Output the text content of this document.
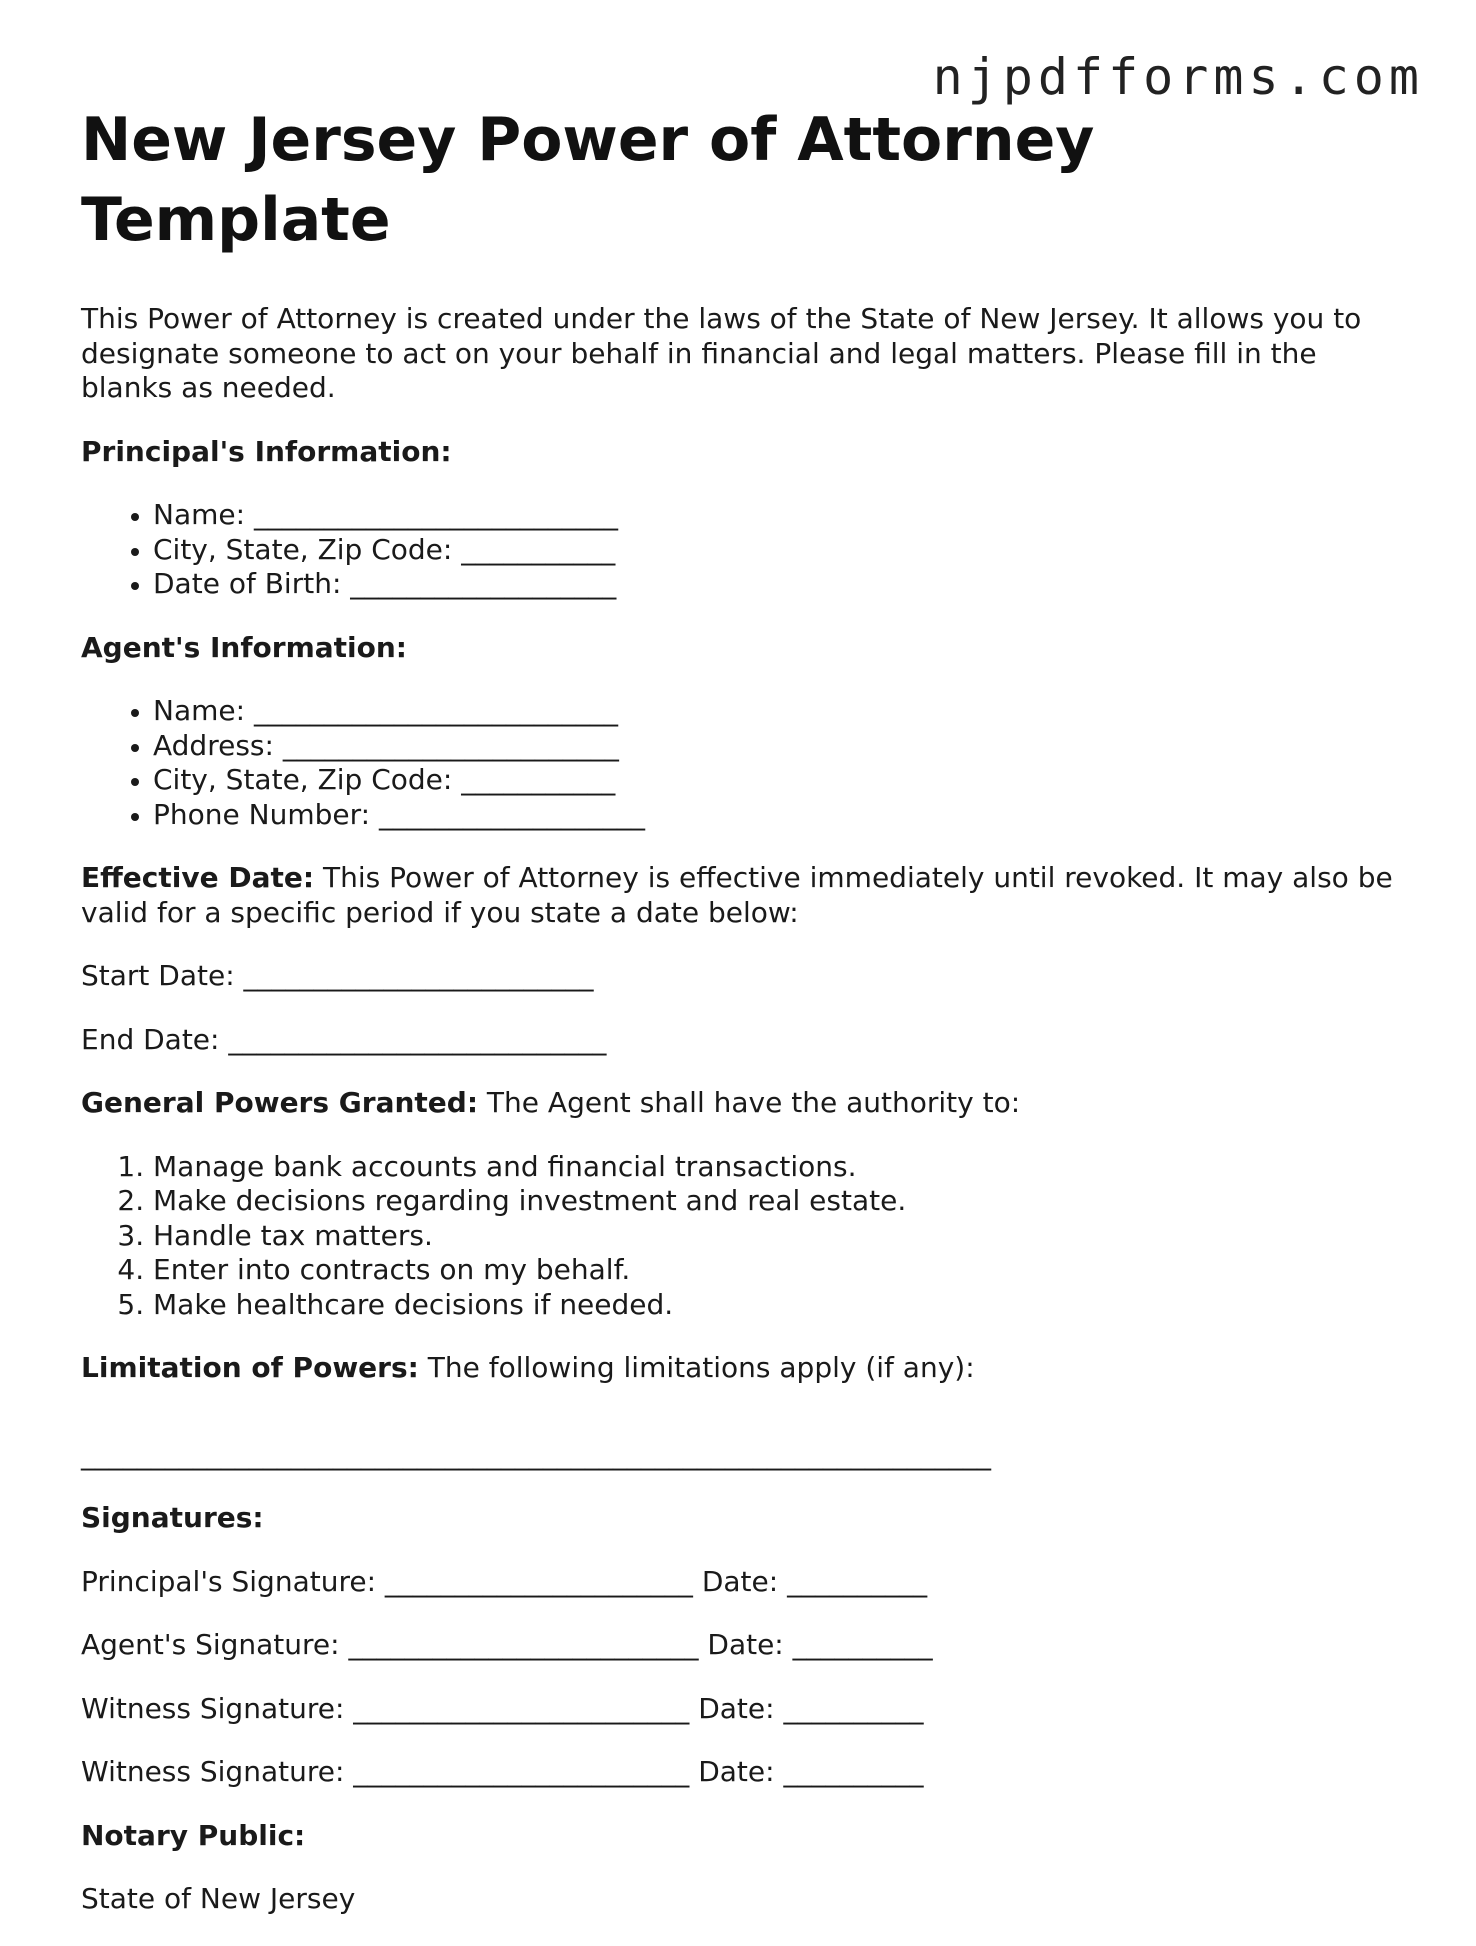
njpdfforms.com
New Jersey Power of Attorney Template

This Power of Attorney is created under the laws of the State of New Jersey. It allows you to designate someone to act on your behalf in financial and legal matters. Please fill in the blanks as needed.

Principal's Information:

• Name: __________________________
• City, State, Zip Code: ___________
• Date of Birth: ___________________

Agent's Information:

• Name: __________________________
• Address: ________________________
• City, State, Zip Code: ___________
• Phone Number: ___________________

Effective Date: This Power of Attorney is effective immediately until revoked. It may also be valid for a specific period if you state a date below:

Start Date: _________________________

End Date: ___________________________

General Powers Granted: The Agent shall have the authority to:

1. Manage bank accounts and financial transactions.
2. Make decisions regarding investment and real estate.
3. Handle tax matters.
4. Enter into contracts on my behalf.
5. Make healthcare decisions if needed.

Limitation of Powers: The following limitations apply (if any):

_________________________________________________________________

Signatures:

Principal's Signature: ______________________ Date: __________

Agent's Signature: _________________________ Date: __________

Witness Signature: ________________________ Date: __________

Witness Signature: ________________________ Date: __________

Notary Public:

State of New Jersey
